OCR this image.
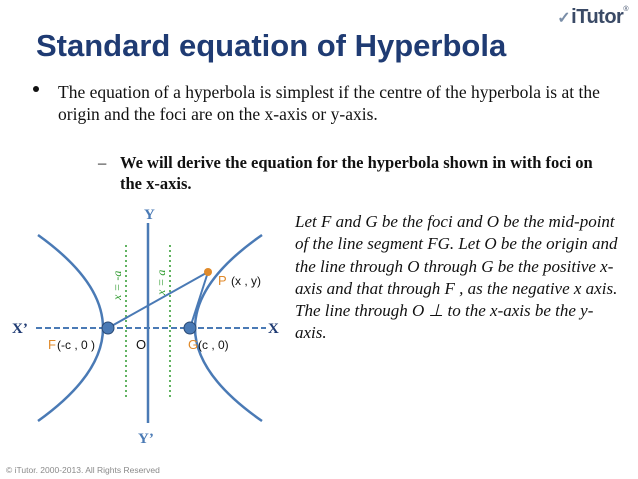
✓iTutor®
Standard equation of Hyperbola
The equation of a hyperbola is simplest if the centre of the hyperbola is at the origin and the foci are on the x-axis or y-axis.
– We will derive the equation for the hyperbola shown in with foci on the x-axis.
Y
Y’
X’	X
O
F (-c , 0 )	G (c , 0)
P (x , y)
x = -a	x = a
Let F and G be the foci and O be the mid-point of the line segment FG. Let O be the origin and the line through O through G be the positive x-axis and that through F , as the negative x axis. The line through O ⊥ to the x-axis be the y-axis.
© iTutor. 2000-2013. All Rights Reserved
